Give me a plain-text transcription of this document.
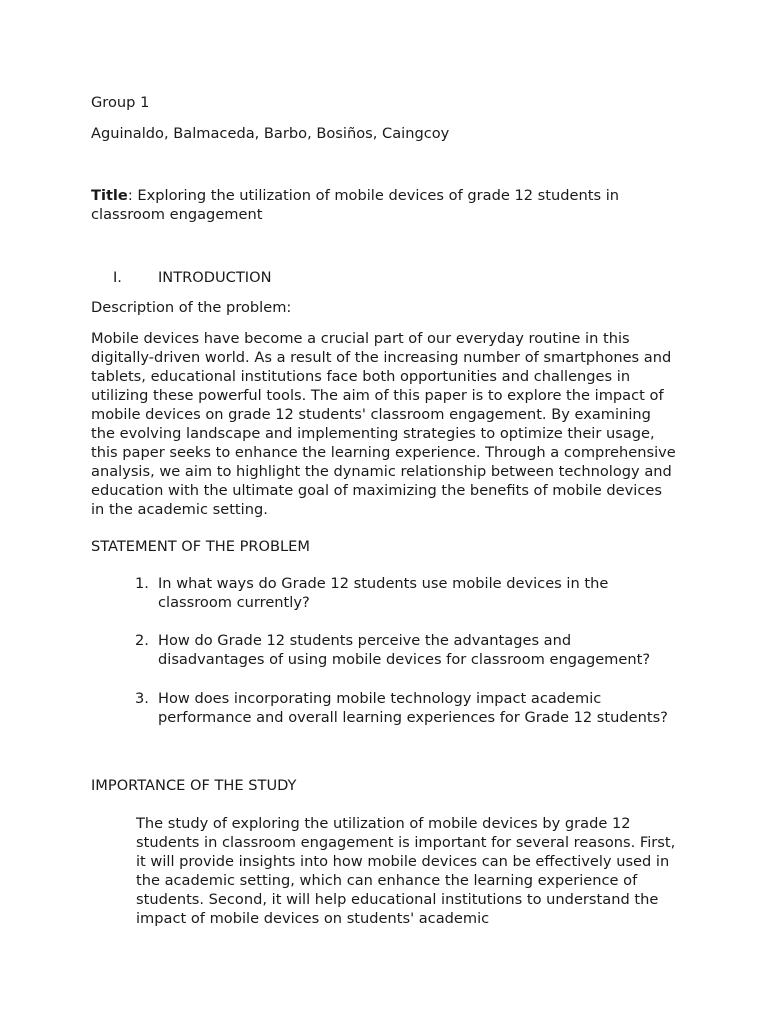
Group 1
Aguinaldo, Balmaceda, Barbo, Bosiños, Caingcoy

Title: Exploring the utilization of mobile devices of grade 12 students in classroom engagement

I. INTRODUCTION
Description of the problem:

Mobile devices have become a crucial part of our everyday routine in this digitally-driven world. As a result of the increasing number of smartphones and tablets, educational institutions face both opportunities and challenges in utilizing these powerful tools. The aim of this paper is to explore the impact of mobile devices on grade 12 students' classroom engagement. By examining the evolving landscape and implementing strategies to optimize their usage, this paper seeks to enhance the learning experience. Through a comprehensive analysis, we aim to highlight the dynamic relationship between technology and education with the ultimate goal of maximizing the benefits of mobile devices in the academic setting.

STATEMENT OF THE PROBLEM
1. In what ways do Grade 12 students use mobile devices in the classroom currently?
2. How do Grade 12 students perceive the advantages and disadvantages of using mobile devices for classroom engagement?
3. How does incorporating mobile technology impact academic performance and overall learning experiences for Grade 12 students?
IMPORTANCE OF THE STUDY

The study of exploring the utilization of mobile devices by grade 12 students in classroom engagement is important for several reasons. First, it will provide insights into how mobile devices can be effectively used in the academic setting, which can enhance the learning experience of students. Second, it will help educational institutions to understand the impact of mobile devices on students' academic
